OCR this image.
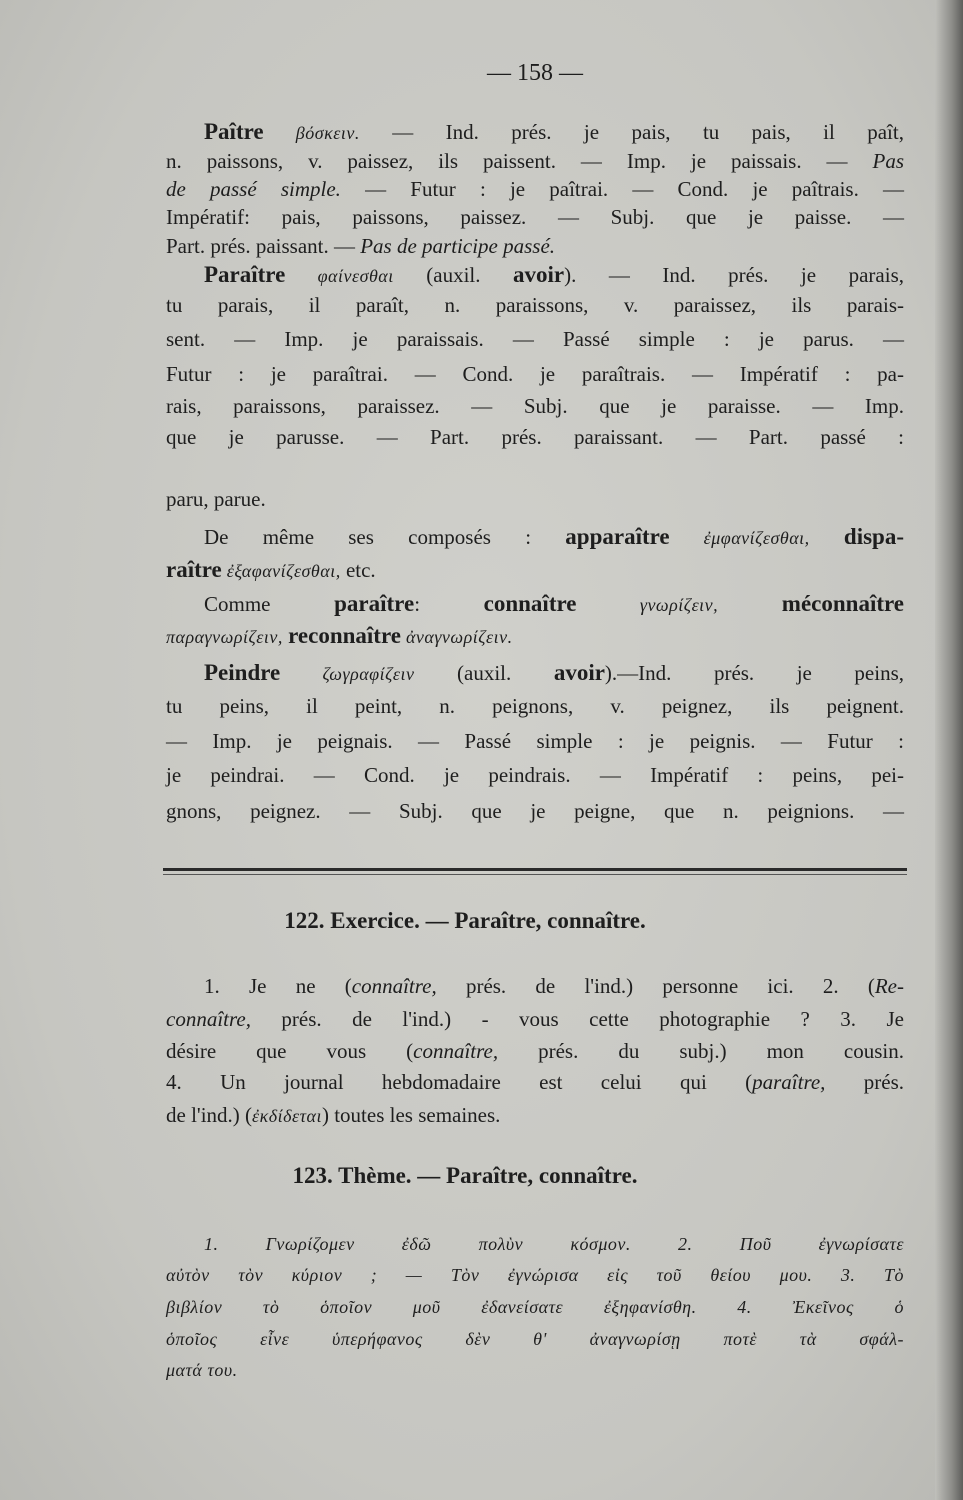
— 158 —
Paître βόσκειν. — Ind. prés. je pais, tu pais, il paît,
n. paissons, v. paissez, ils paissent. — Imp. je paissais. — Pas
de passé simple. — Futur : je paîtrai. — Cond. je paîtrais. —
Impératif: pais, paissons, paissez. — Subj. que je paisse. —
Part. prés. paissant. — Pas de participe passé.
Paraître φαίνεσθαι (auxil. avoir). — Ind. prés. je parais,
tu parais, il paraît, n. paraissons, v. paraissez, ils parais-
sent. — Imp. je paraissais. — Passé simple : je parus. —
Futur : je paraîtrai. — Cond. je paraîtrais. — Impératif : pa-
rais, paraissons, paraissez. — Subj. que je paraisse. — Imp.
que je parusse. — Part. prés. paraissant. — Part. passé :
paru, parue.
De même ses composés : apparaître ἐμφανίζεσθαι, dispa-
raître ἐξαφανίζεσθαι, etc.
Comme paraître: connaître γνωρίζειν,	méconnaître
παραγνωρίζειν, reconnaître ἀναγνωρίζειν.
Peindre ζωγραφίζειν (auxil. avoir).—Ind. prés. je peins,
tu peins, il peint, n. peignons, v. peignez, ils peignent.
— Imp. je peignais. — Passé simple : je peignis. — Futur :
je peindrai. — Cond. je peindrais. — Impératif : peins, pei-
gnons, peignez. — Subj. que je peigne, que n. peignions. —
1. Je ne (connaître, prés. de l'ind.) personne ici. 2. (Re-
connaître, prés. de l'ind.) - vous cette photographie ? 3. Je
désire que vous (connaître, prés. du subj.) mon cousin.
4. Un journal hebdomadaire est celui qui (paraître, prés.
de l'ind.) (ἐκδίδεται) toutes les semaines.
1. Γνωρίζομεν ἐδῶ πολὺν κόσμον. 2. Ποῦ ἐγνωρίσατε
αὐτὸν τὸν κύριον ; — Τὸν ἐγνώρισα εἰς τοῦ θείου μου. 3. Τὸ
βιβλίον τὸ ὁποῖον μοῦ ἐδανείσατε ἐξηφανίσθη. 4. Ἐκεῖνος ὁ
ὁποῖος εἶνε ὑπερήφανος δὲν θ' ἀναγνωρίσῃ ποτὲ τὰ σφάλ-
ματά του.
122. Exercice. — Paraître, connaître.
123. Thème. — Paraître, connaître.
